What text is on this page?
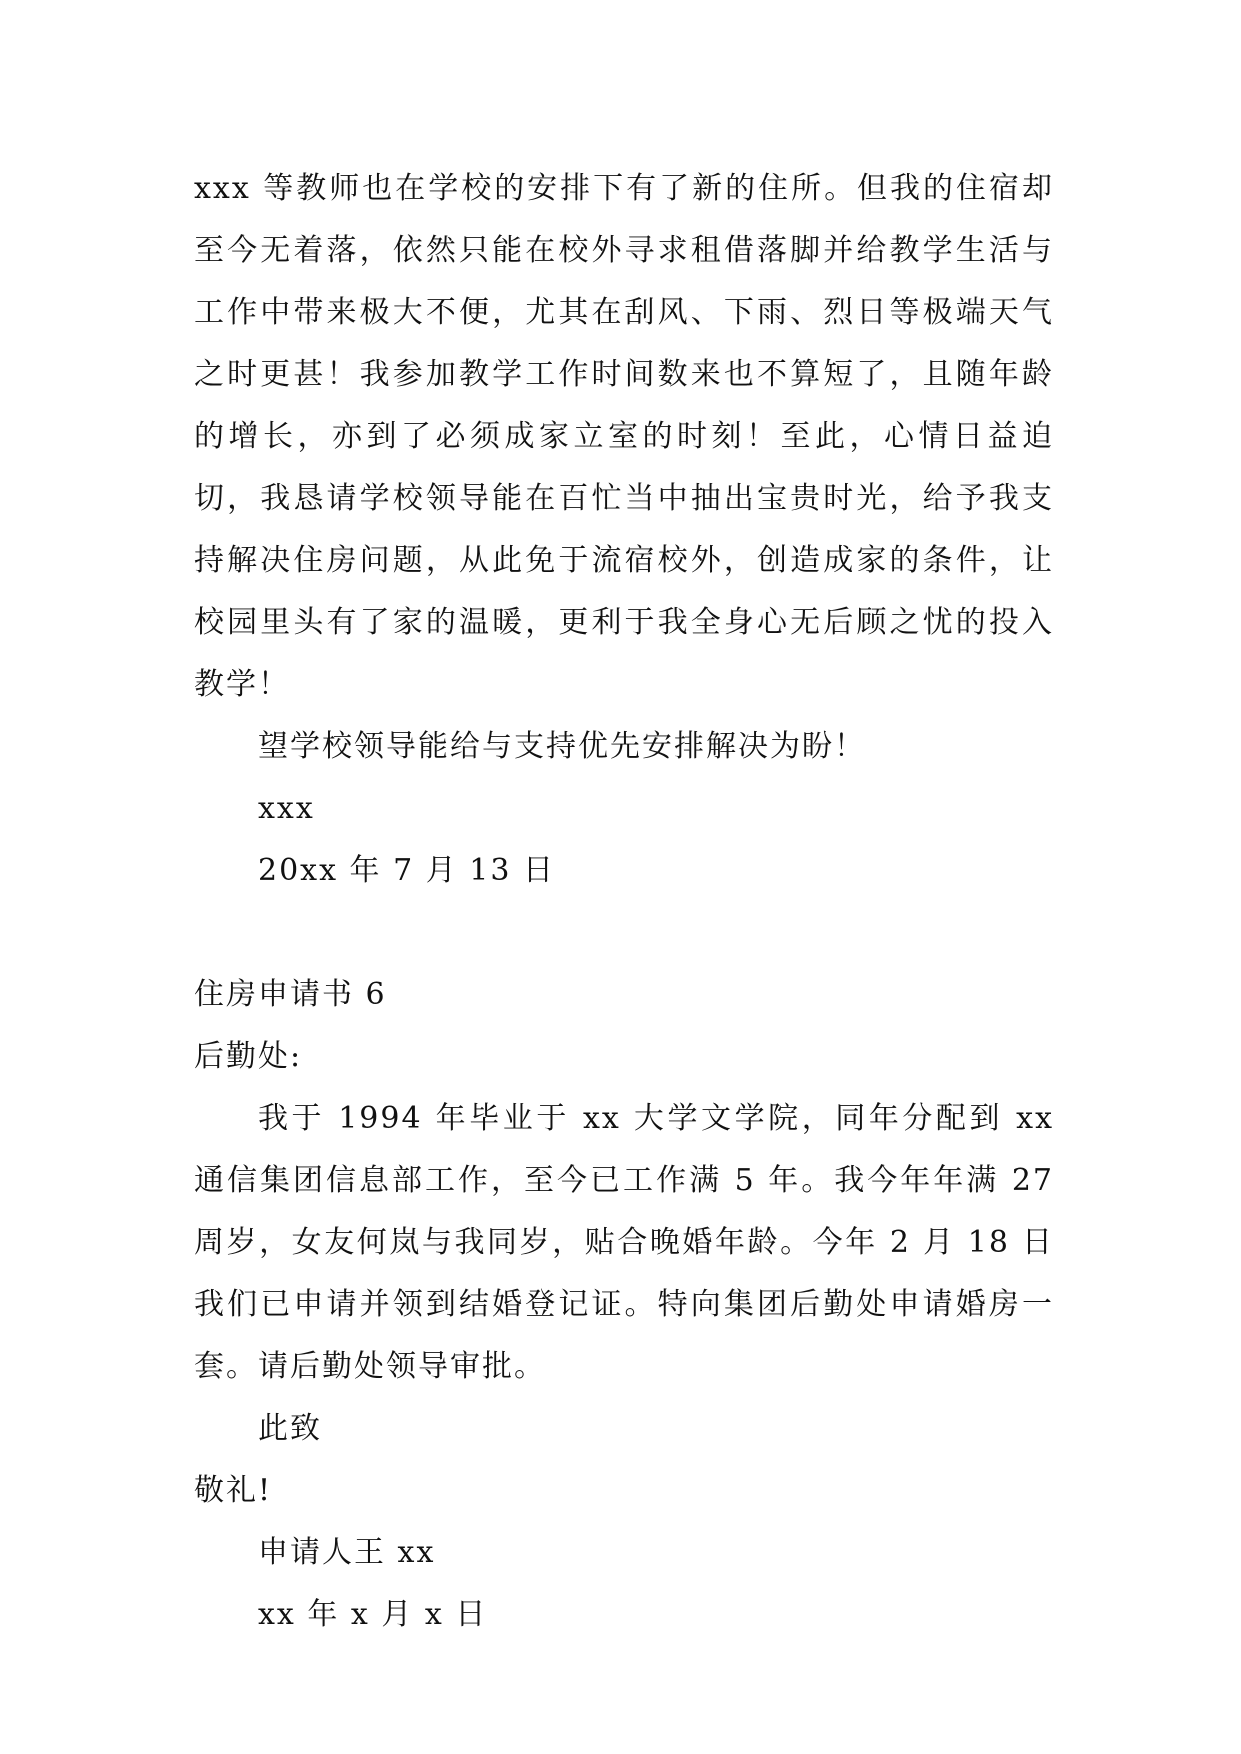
xxx 等教师也在学校的安排下有了新的住所。但我的住宿却至今无着落，依然只能在校外寻求租借落脚并给教学生活与工作中带来极大不便，尤其在刮风、下雨、烈日等极端天气之时更甚！我参加教学工作时间数来也不算短了，且随年龄的增长，亦到了必须成家立室的时刻！至此，心情日益迫切，我恳请学校领导能在百忙当中抽出宝贵时光，给予我支持解决住房问题，从此免于流宿校外，创造成家的条件，让校园里头有了家的温暖，更利于我全身心无后顾之忧的投入教学！

望学校领导能给与支持优先安排解决为盼！

xxx

20xx 年 7 月 13 日

住房申请书 6

后勤处:

我于 1994 年毕业于 xx 大学文学院，同年分配到 xx 通信集团信息部工作，至今已工作满 5 年。我今年年满 27 周岁，女友何岚与我同岁，贴合晚婚年龄。今年 2 月 18 日我们已申请并领到结婚登记证。特向集团后勤处申请婚房一套。请后勤处领导审批。

此致

敬礼!

申请人王 xx

xx 年 x 月 x 日
